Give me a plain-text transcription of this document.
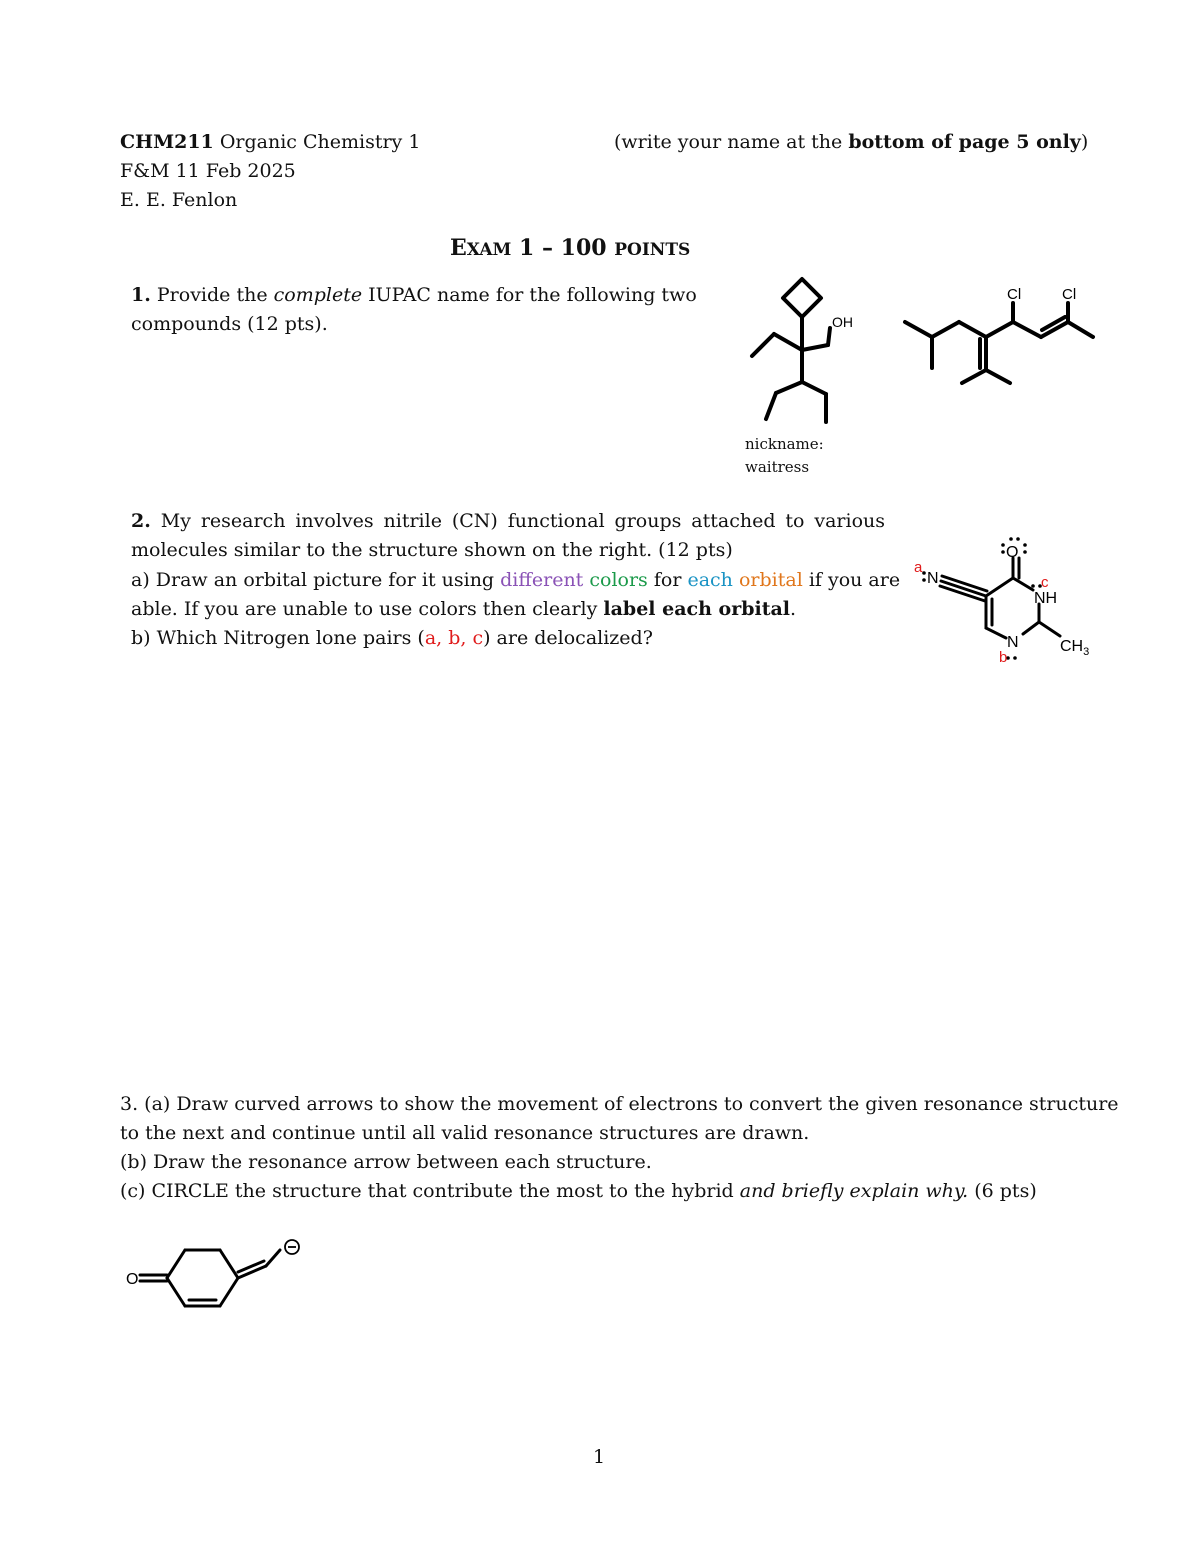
CHM211 Organic Chemistry 1	(write your name at the bottom of page 5 only)
F&M 11 Feb 2025
E. E. Fenlon
EXAM 1 – 100 POINTS
1. Provide the complete IUPAC name for the following two
compounds (12 pts).	OH
nickname:
waitress
Cl	Cl
2. My research involves nitrile (CN) functional groups attached to various
molecules similar to the structure shown on the right. (12 pts)
a) Draw an orbital picture for it using different colors for each orbital if you are
able. If you are unable to use colors then clearly label each orbital.
b) Which Nitrogen lone pairs (a, b, c) are delocalized?
O
N
NH
N	$CH_3$
a
b
c
3. (a) Draw curved arrows to show the movement of electrons to convert the given resonance structure
to the next and continue until all valid resonance structures are drawn.
(b) Draw the resonance arrow between each structure.
(c) CIRCLE the structure that contribute the most to the hybrid and briefly explain why. (6 pts)
O
1
